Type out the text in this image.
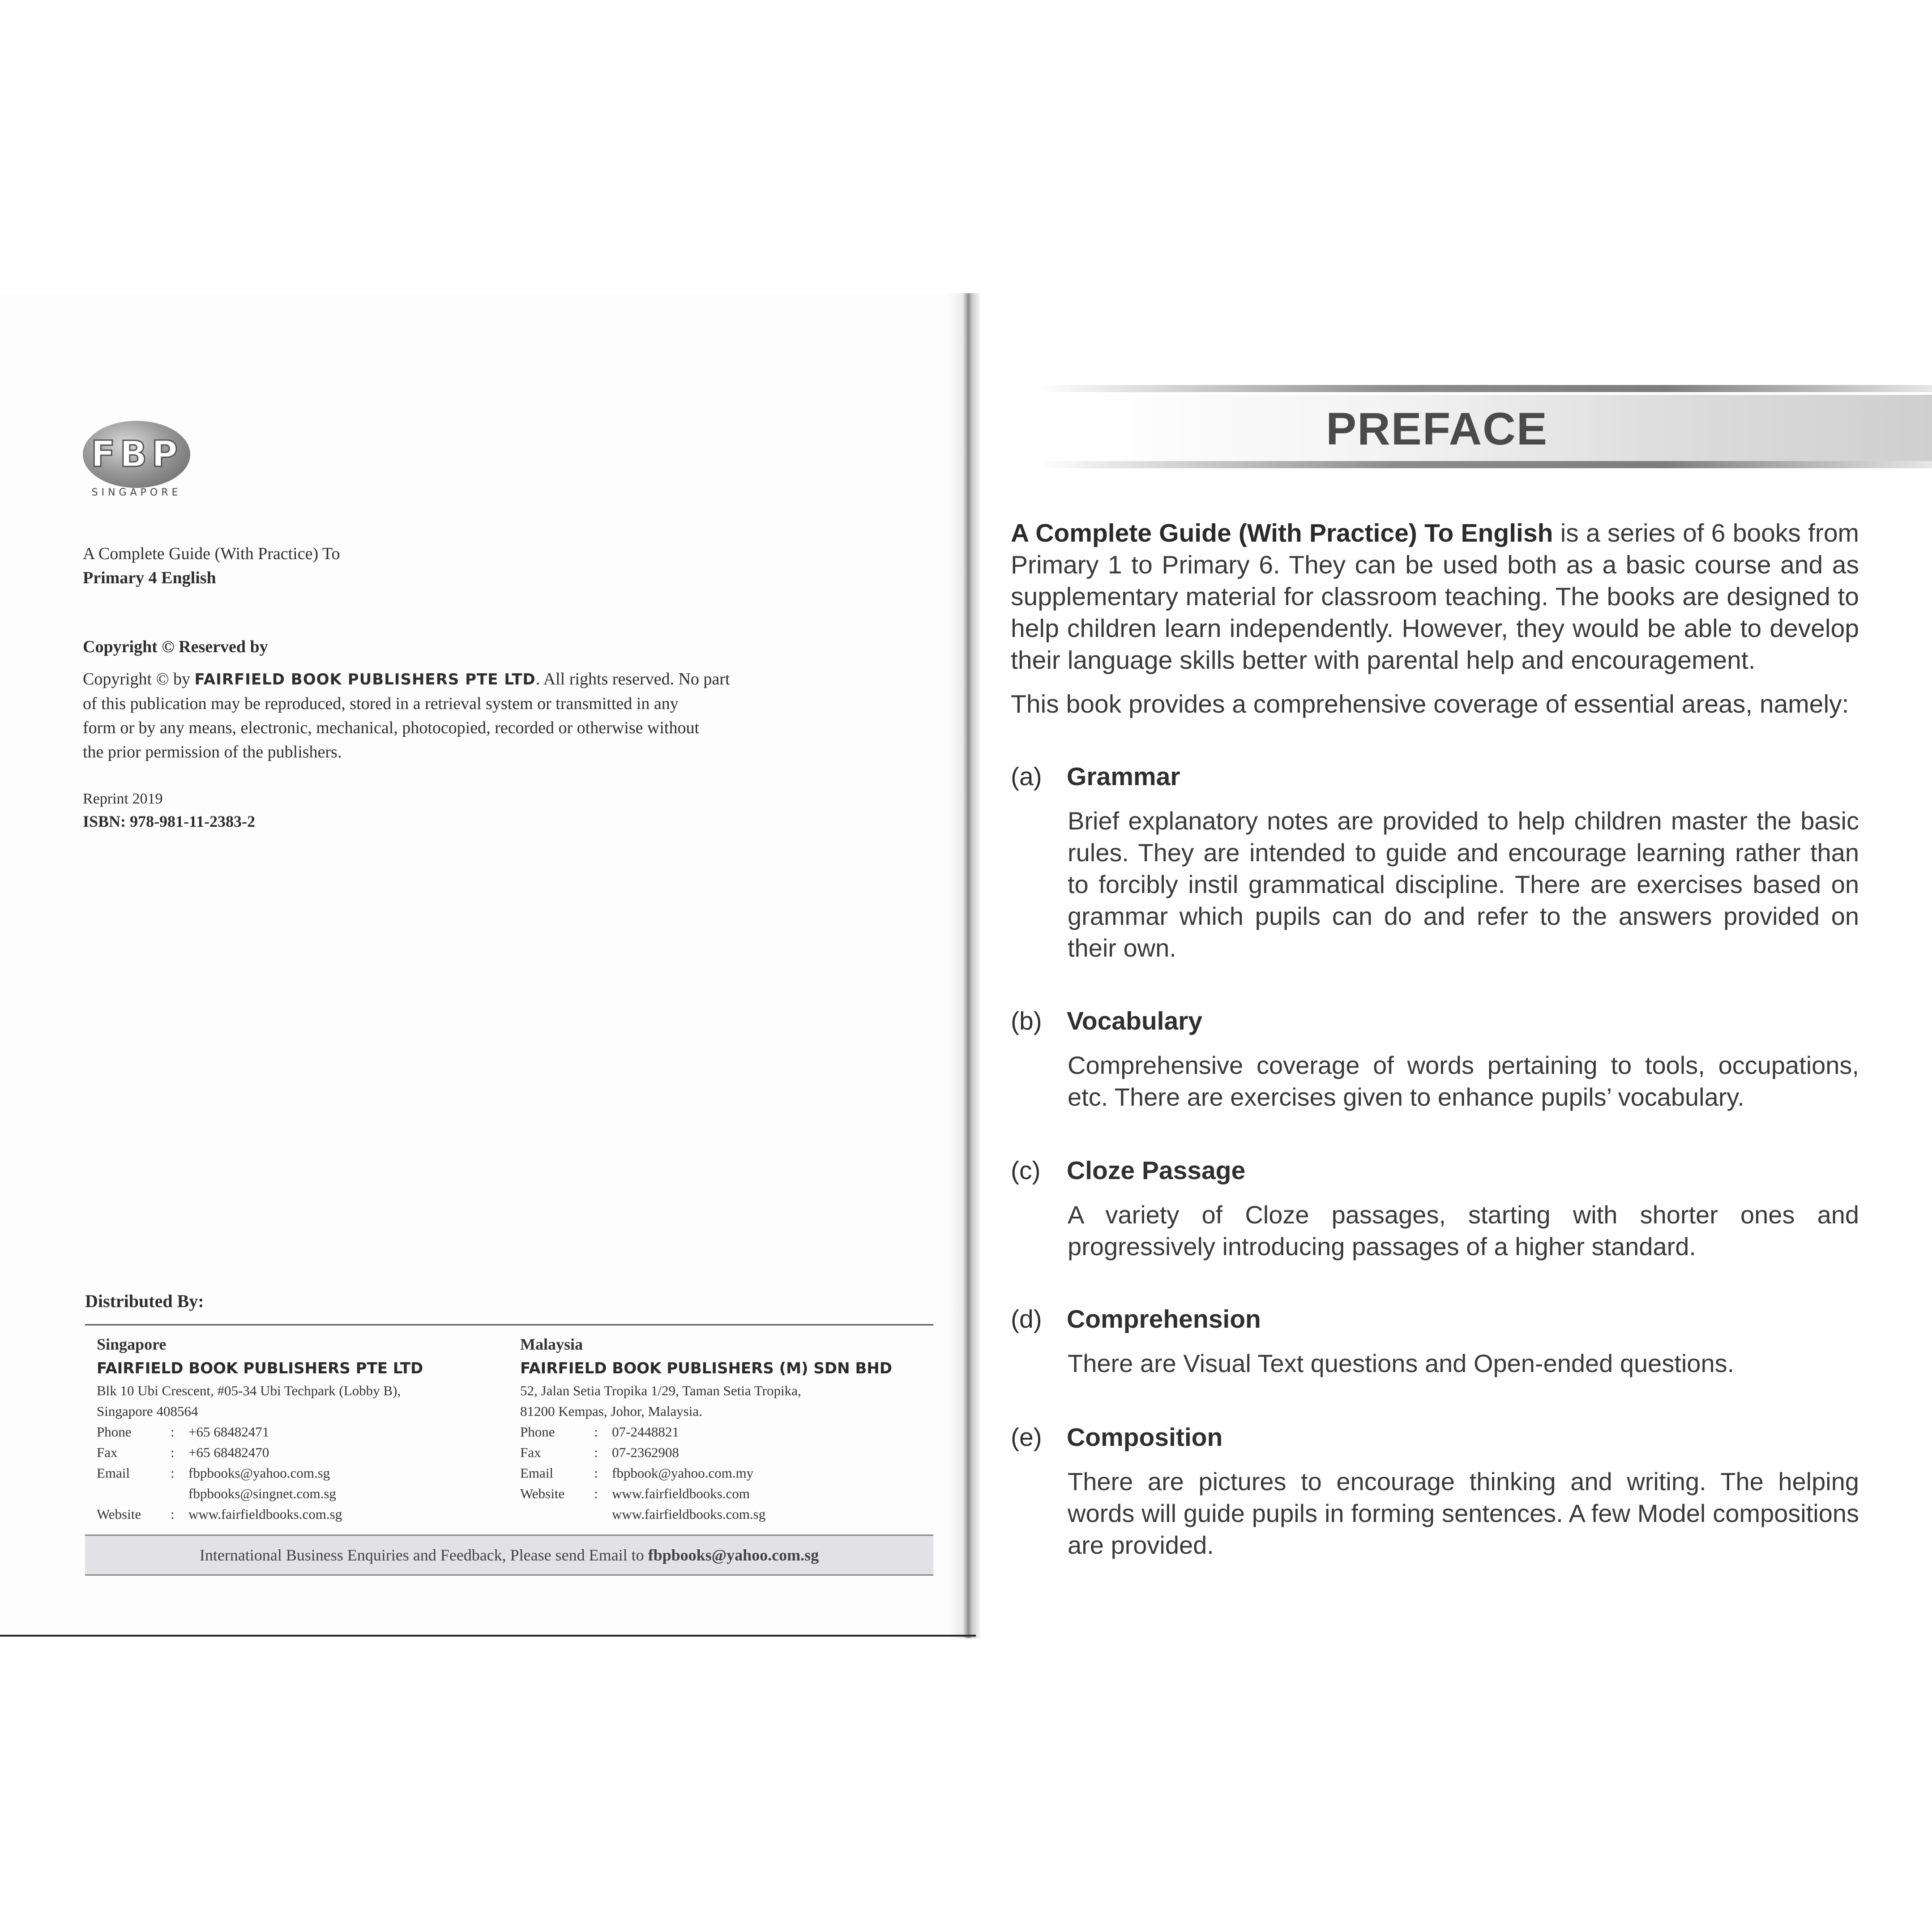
FBP
SINGAPORE
A Complete Guide (With Practice) To
Primary 4 English
Copyright © Reserved by
Copyright © by FAIRFIELD BOOK PUBLISHERS PTE LTD. All rights reserved. No part
of this publication may be reproduced, stored in a retrieval system or transmitted in any
form or by any means, electronic, mechanical, photocopied, recorded or otherwise without
the prior permission of the publishers.
Reprint 2019
ISBN: 978-981-11-2383-2
Distributed By:
Singapore
FAIRFIELD BOOK PUBLISHERS PTE LTD
Blk 10 Ubi Crescent, #05-34 Ubi Techpark (Lobby B),
Singapore 408564
Phone	:	+65 68482471
Fax	:	+65 68482470
Email	:	fbpbooks@yahoo.com.sg
fbpbooks@singnet.com.sg
Website	:	www.fairfieldbooks.com.sg
Malaysia
FAIRFIELD BOOK PUBLISHERS (M) SDN BHD
52, Jalan Setia Tropika 1/29, Taman Setia Tropika,
81200 Kempas, Johor, Malaysia.
Phone	:	07-2448821
Fax	:	07-2362908
Email	:	fbpbook@yahoo.com.my
Website	:	www.fairfieldbooks.com
www.fairfieldbooks.com.sg
International Business Enquiries and Feedback, Please send Email to fbpbooks@yahoo.com.sg
PREFACE
A Complete Guide (With Practice) To English is a series of 6 books from Primary 1 to Primary 6. They can be used both as a basic course and as supplementary material for classroom teaching. The books are designed to help children learn independently. However, they would be able to develop their language skills better with parental help and encouragement.
This book provides a comprehensive coverage of essential areas, namely:
(a) Grammar
Brief explanatory notes are provided to help children master the basic rules. They are intended to guide and encourage learning rather than to forcibly instil grammatical discipline. There are exercises based on grammar which pupils can do and refer to the answers provided on their own.
(b) Vocabulary
Comprehensive coverage of words pertaining to tools, occupations, etc. There are exercises given to enhance pupils’ vocabulary.
(c) Cloze Passage
A variety of Cloze passages, starting with shorter ones and progressively introducing passages of a higher standard.
(d) Comprehension
There are Visual Text questions and Open-ended questions.
(e) Composition
There are pictures to encourage thinking and writing. The helping words will guide pupils in forming sentences. A few Model compositions are provided.
